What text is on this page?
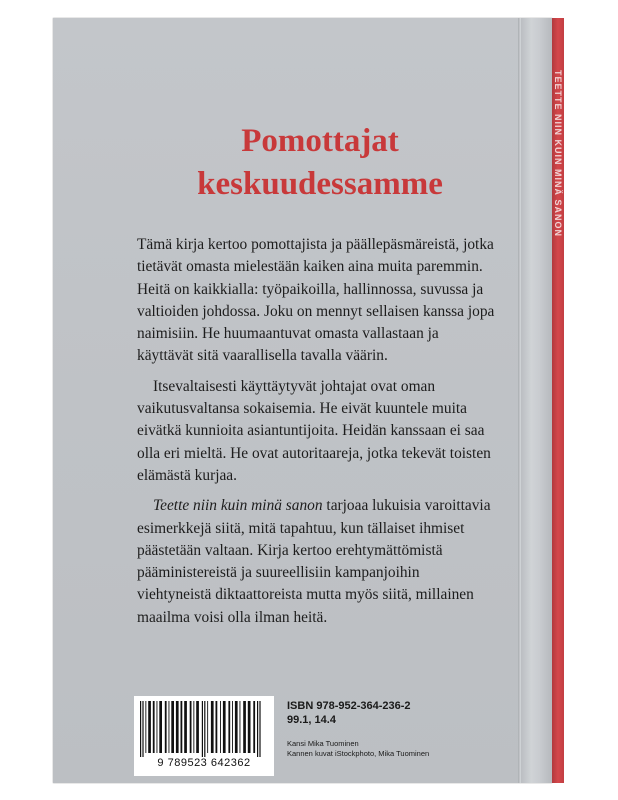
TEETTE NIIN KUIN MINÄ SANON
Pomottajat
keskuudessamme

Tämä kirja kertoo pomottajista ja päällepäsmäreistä, jotka tietävät omasta mielestään kaiken aina muita paremmin. Heitä on kaikkialla: työpaikoilla, hallinnossa, suvussa ja valtioiden johdossa. Joku on mennyt sellaisen kanssa jopa naimisiin. He huumaantuvat omasta vallastaan ja käyttävät sitä vaarallisella tavalla väärin.

Itsevaltaisesti käyttäytyvät johtajat ovat oman vaikutusvaltansa sokaisemia. He eivät kuuntele muita eivätkä kunnioita asiantuntijoita. Heidän kanssaan ei saa olla eri mieltä. He ovat autoritaareja, jotka tekevät toisten elämästä kurjaa.

Teette niin kuin minä sanon tarjoaa lukuisia varoittavia esimerkkejä siitä, mitä tapahtuu, kun tällaiset ihmiset päästetään valtaan. Kirja kertoo erehtymättömistä pääministereistä ja suureellisiin kampanjoihin viehtyneistä diktaattoreista mutta myös siitä, millainen maailma voisi olla ilman heitä.

9 789523 642362
ISBN 978-952-364-236-2
99.1, 14.4
Kansi Mika Tuominen
Kannen kuvat iStockphoto, Mika Tuominen
